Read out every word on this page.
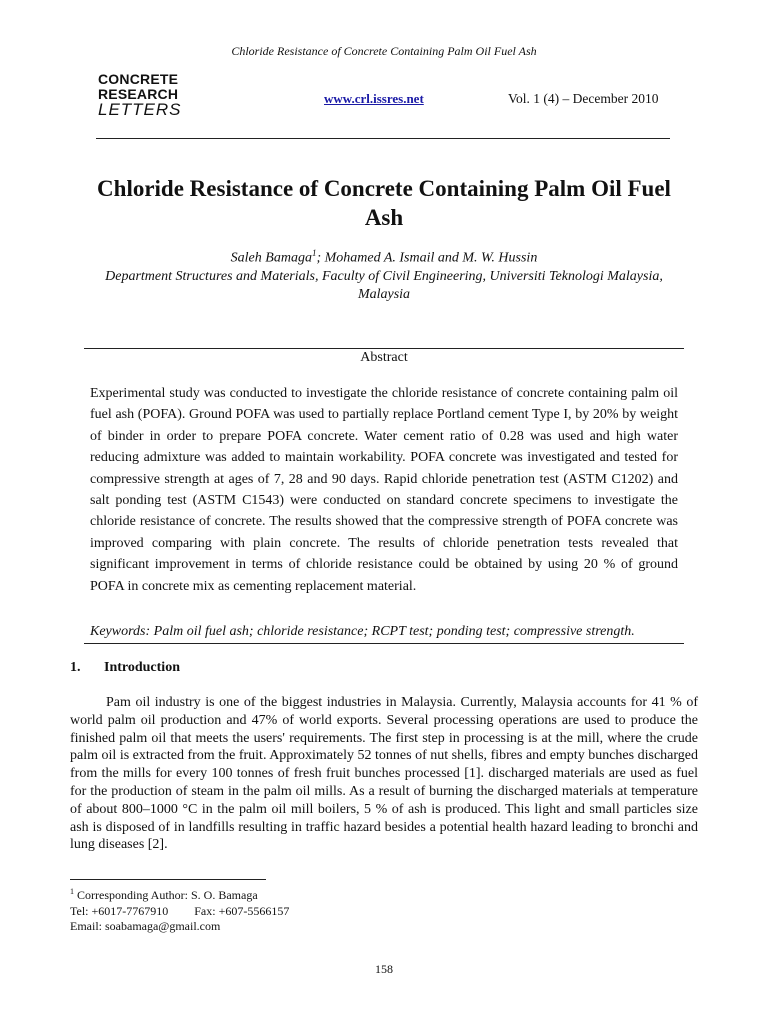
Chloride Resistance of Concrete Containing Palm Oil Fuel Ash
CONCRETE
RESEARCH
LETTERS
www.crl.issres.net	Vol. 1 (4) – December 2010
Chloride Resistance of Concrete Containing Palm Oil Fuel Ash
Saleh Bamaga$^1$; Mohamed A. Ismail and M. W. Hussin
Department Structures and Materials, Faculty of Civil Engineering, Universiti Teknologi Malaysia, Malaysia
Abstract

Experimental study was conducted to investigate the chloride resistance of concrete containing palm oil fuel ash (POFA). Ground POFA was used to partially replace Portland cement Type I, by 20% by weight of binder in order to prepare POFA concrete. Water cement ratio of 0.28 was used and high water reducing admixture was added to maintain workability. POFA concrete was investigated and tested for compressive strength at ages of 7, 28 and 90 days. Rapid chloride penetration test (ASTM C1202) and salt ponding test (ASTM C1543) were conducted on standard concrete specimens to investigate the chloride resistance of concrete. The results showed that the compressive strength of POFA concrete was improved comparing with plain concrete. The results of chloride penetration tests revealed that significant improvement in terms of chloride resistance could be obtained by using 20 % of ground POFA in concrete mix as cementing replacement material.

Keywords: Palm oil fuel ash; chloride resistance; RCPT test; ponding test; compressive strength.
1. Introduction

Pam oil industry is one of the biggest industries in Malaysia. Currently, Malaysia accounts for 41 % of world palm oil production and 47% of world exports. Several processing operations are used to produce the finished palm oil that meets the users' requirements. The first step in processing is at the mill, where the crude palm oil is extracted from the fruit. Approximately 52 tonnes of nut shells, fibres and empty bunches discharged from the mills for every 100 tonnes of fresh fruit bunches processed [1]. discharged materials are used as fuel for the production of steam in the palm oil mills. As a result of burning the discharged materials at temperature of about 800–1000 °C in the palm oil mill boilers, 5 % of ash is produced. This light and small particles size ash is disposed of in landfills resulting in traffic hazard besides a potential health hazard leading to bronchi and lung diseases [2].

$^1$ Corresponding Author: S. O. Bamaga
Tel: +6017-7767910 Fax: +607-5566157
Email: soabamaga@gmail.com
158
